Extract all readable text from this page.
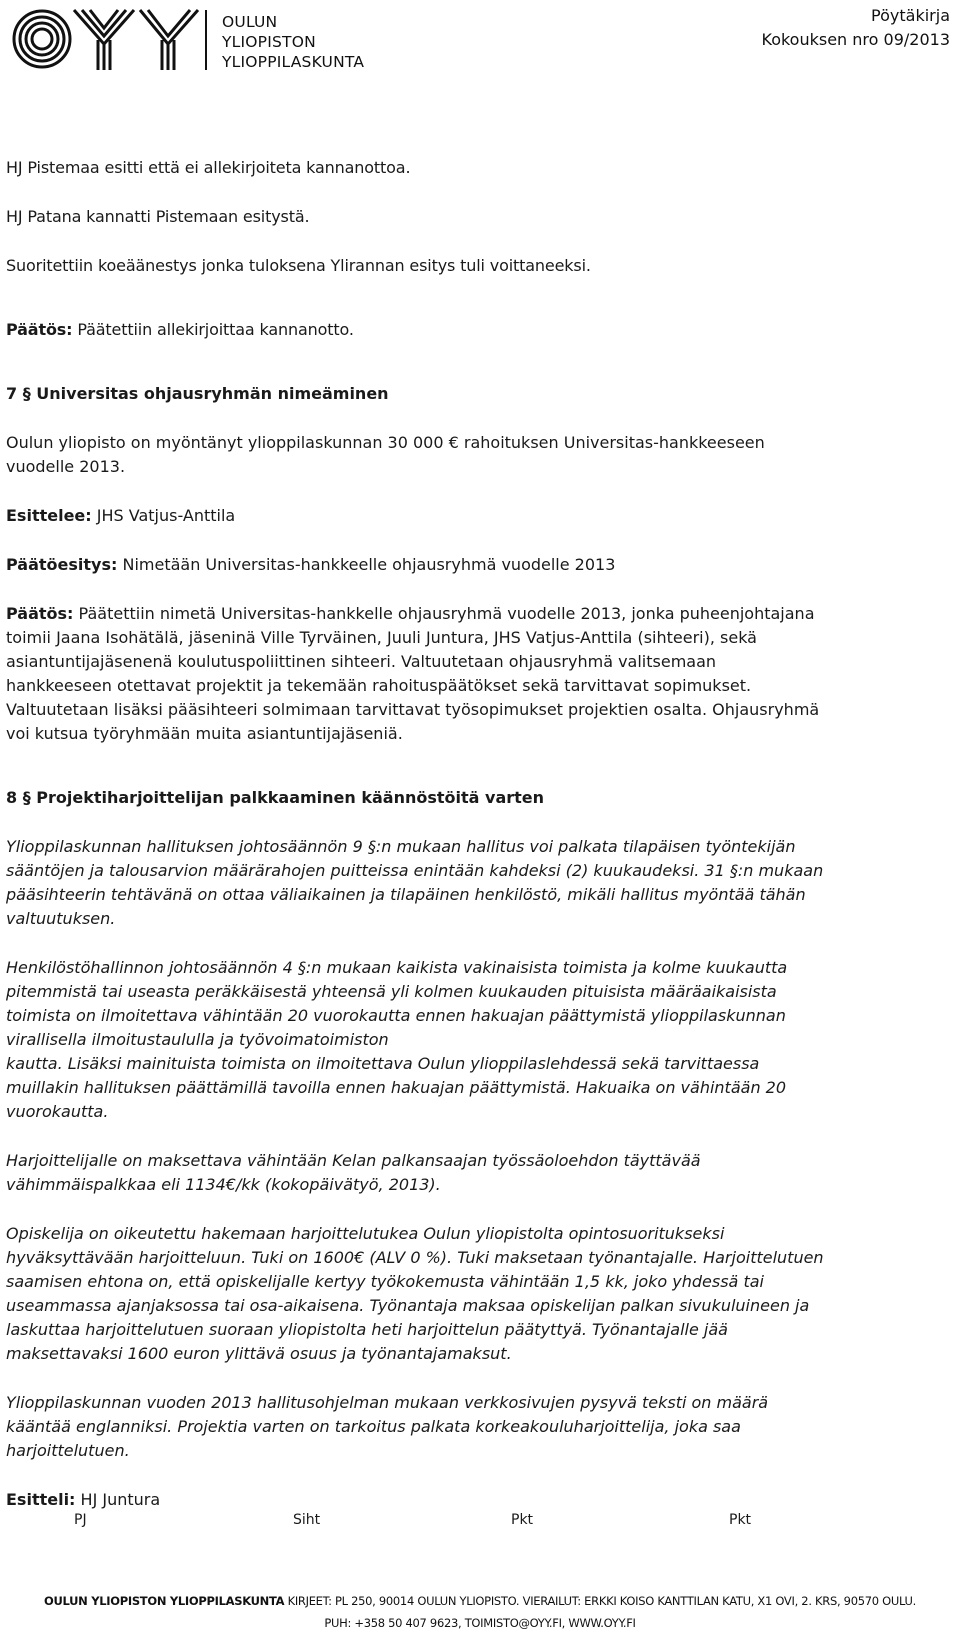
OULUN
YLIOPISTON
YLIOPPILASKUNTA
Pöytäkirja
Kokouksen nro 09/2013

HJ Pistemaa esitti että ei allekirjoiteta kannanottoa.

HJ Patana kannatti Pistemaan esitystä.

Suoritettiin koeäänestys jonka tuloksena Ylirannan esitys tuli voittaneeksi.

Päätös: Päätettiin allekirjoittaa kannanotto.

7 § Universitas ohjausryhmän nimeäminen

Oulun yliopisto on myöntänyt ylioppilaskunnan 30 000 € rahoituksen Universitas-hankkeeseen
vuodelle 2013.

Esittelee: JHS Vatjus-Anttila

Päätöesitys: Nimetään Universitas-hankkeelle ohjausryhmä vuodelle 2013

Päätös: Päätettiin nimetä Universitas-hankkelle ohjausryhmä vuodelle 2013, jonka puheenjohtajana
toimii Jaana Isohätälä, jäseninä Ville Tyrväinen, Juuli Juntura, JHS Vatjus-Anttila (sihteeri), sekä
asiantuntijajäsenenä koulutuspoliittinen sihteeri. Valtuutetaan ohjausryhmä valitsemaan
hankkeeseen otettavat projektit ja tekemään rahoituspäätökset sekä tarvittavat sopimukset.
Valtuutetaan lisäksi pääsihteeri solmimaan tarvittavat työsopimukset projektien osalta. Ohjausryhmä
voi kutsua työryhmään muita asiantuntijajäseniä.

8 § Projektiharjoittelijan palkkaaminen käännöstöitä varten

Ylioppilaskunnan hallituksen johtosäännön 9 §:n mukaan hallitus voi palkata tilapäisen työntekijän
sääntöjen ja talousarvion määrärahojen puitteissa enintään kahdeksi (2) kuukaudeksi. 31 §:n mukaan
pääsihteerin tehtävänä on ottaa väliaikainen ja tilapäinen henkilöstö, mikäli hallitus myöntää tähän
valtuutuksen.

Henkilöstöhallinnon johtosäännön 4 §:n mukaan kaikista vakinaisista toimista ja kolme kuukautta
pitemmistä tai useasta peräkkäisestä yhteensä yli kolmen kuukauden pituisista määräaikaisista
toimista on ilmoitettava vähintään 20 vuorokautta ennen hakuajan päättymistä ylioppilaskunnan
virallisella ilmoitustaululla ja työvoimatoimiston
kautta. Lisäksi mainituista toimista on ilmoitettava Oulun ylioppilaslehdessä sekä tarvittaessa
muillakin hallituksen päättämillä tavoilla ennen hakuajan päättymistä. Hakuaika on vähintään 20
vuorokautta.

Harjoittelijalle on maksettava vähintään Kelan palkansaajan työssäoloehdon täyttävää
vähimmäispalkkaa eli 1134€/kk (kokopäivätyö, 2013).

Opiskelija on oikeutettu hakemaan harjoittelutukea Oulun yliopistolta opintosuoritukseksi
hyväksyttävään harjoitteluun. Tuki on 1600€ (ALV 0 %). Tuki maksetaan työnantajalle. Harjoittelutuen
saamisen ehtona on, että opiskelijalle kertyy työkokemusta vähintään 1,5 kk, joko yhdessä tai
useammassa ajanjaksossa tai osa-aikaisena. Työnantaja maksaa opiskelijan palkan sivukuluineen ja
laskuttaa harjoittelutuen suoraan yliopistolta heti harjoittelun päätyttyä. Työnantajalle jää
maksettavaksi 1600 euron ylittävä osuus ja työnantajamaksut.

Ylioppilaskunnan vuoden 2013 hallitusohjelman mukaan verkkosivujen pysyvä teksti on määrä
kääntää englanniksi. Projektia varten on tarkoitus palkata korkeakouluharjoittelija, joka saa
harjoittelutuen.

Esitteli: HJ Juntura

PJ	Siht	Pkt	Pkt
OULUN YLIOPISTON YLIOPPILASKUNTA KIRJEET: PL 250, 90014 OULUN YLIOPISTO. VIERAILUT: ERKKI KOISO KANTTILAN KATU, X1 OVI, 2. KRS, 90570 OULU.
PUH: +358 50 407 9623, TOIMISTO@OYY.FI, WWW.OYY.FI
